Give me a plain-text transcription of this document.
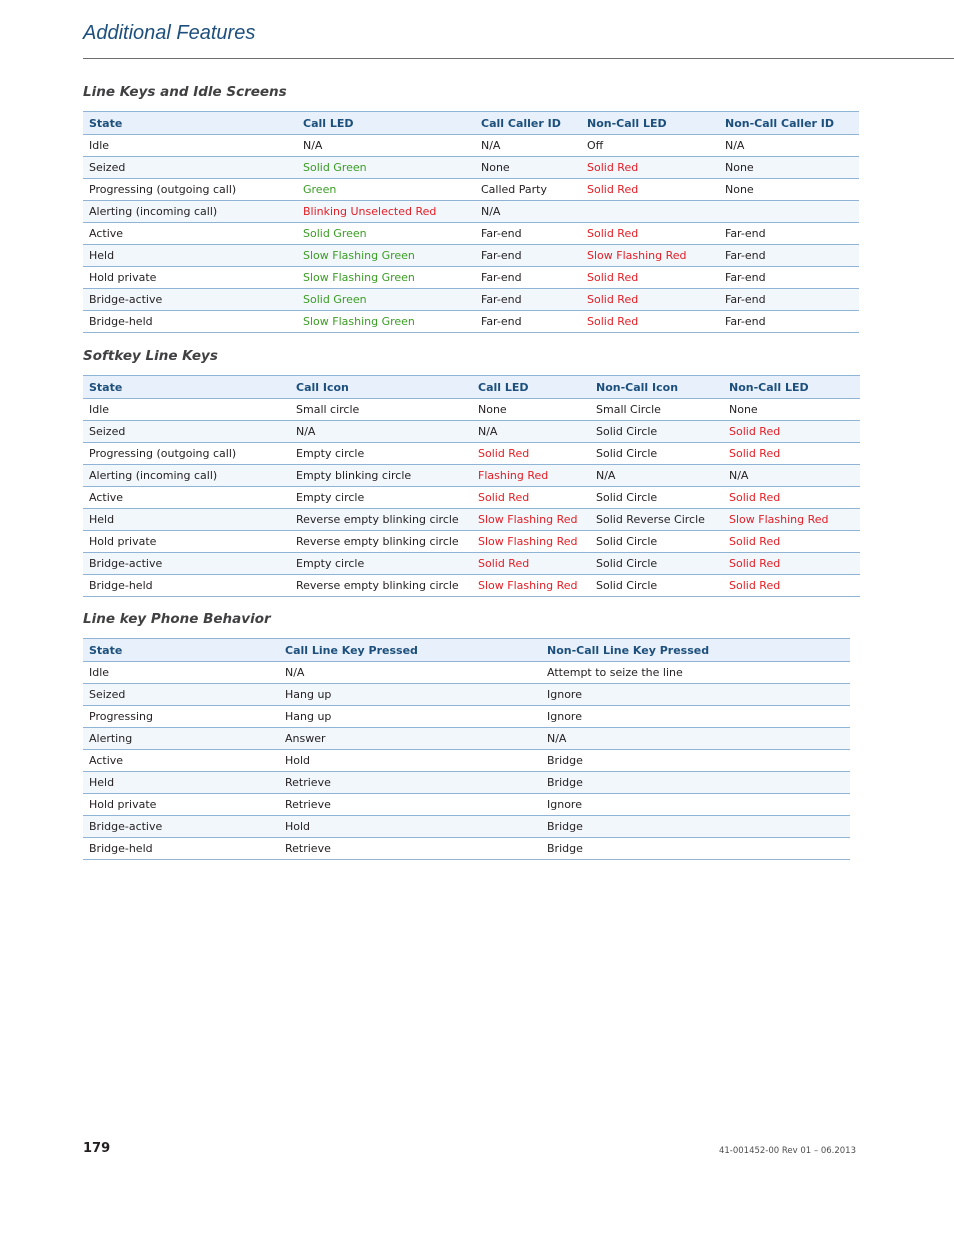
Additional Features
Line Keys and Idle Screens
State	Call LED	Call Caller ID	Non-Call LED	Non-Call Caller ID
Idle	N/A	N/A	Off	N/A
Seized	Solid Green	None	Solid Red	None
Progressing (outgoing call)	Green	Called Party	Solid Red	None
Alerting (incoming call)	Blinking Unselected Red	N/A		
Active	Solid Green	Far-end	Solid Red	Far-end
Held	Slow Flashing Green	Far-end	Slow Flashing Red	Far-end
Hold private	Slow Flashing Green	Far-end	Solid Red	Far-end
Bridge-active	Solid Green	Far-end	Solid Red	Far-end
Bridge-held	Slow Flashing Green	Far-end	Solid Red	Far-end
Softkey Line Keys
State	Call Icon	Call LED	Non-Call Icon	Non-Call LED
Idle	Small circle	None	Small Circle	None
Seized	N/A	N/A	Solid Circle	Solid Red
Progressing (outgoing call)	Empty circle	Solid Red	Solid Circle	Solid Red
Alerting (incoming call)	Empty blinking circle	Flashing Red	N/A	N/A
Active	Empty circle	Solid Red	Solid Circle	Solid Red
Held	Reverse empty blinking circle	Slow Flashing Red	Solid Reverse Circle	Slow Flashing Red
Hold private	Reverse empty blinking circle	Slow Flashing Red	Solid Circle	Solid Red
Bridge-active	Empty circle	Solid Red	Solid Circle	Solid Red
Bridge-held	Reverse empty blinking circle	Slow Flashing Red	Solid Circle	Solid Red
Line key Phone Behavior
State	Call Line Key Pressed	Non-Call Line Key Pressed
Idle	N/A	Attempt to seize the line
Seized	Hang up	Ignore
Progressing	Hang up	Ignore
Alerting	Answer	N/A
Active	Hold	Bridge
Held	Retrieve	Bridge
Hold private	Retrieve	Ignore
Bridge-active	Hold	Bridge
Bridge-held	Retrieve	Bridge
179	41-001452-00 Rev 01 – 06.2013
